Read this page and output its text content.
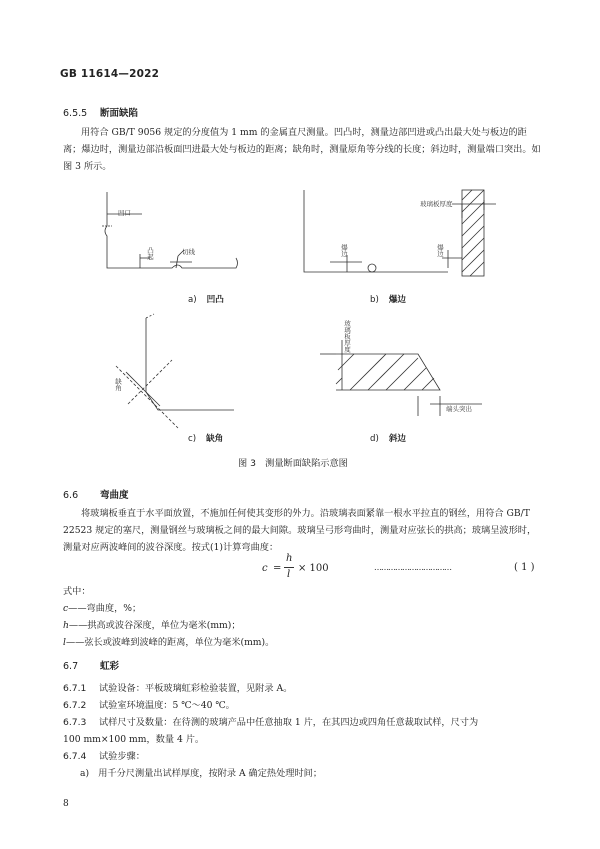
GB 11614—2022
6.5.5 断面缺陷
用符合 GB/T 9056 规定的分度值为 1 mm 的金属直尺测量。凹凸时，测量边部凹进或凸出最大处与板边的距离；爆边时，测量边部沿板面凹进最大处与板边的距离；缺角时，测量原角等分线的长度；斜边时，测量端口突出。如图 3 所示。
凹口
凸起	切线
玻璃板厚度
爆边	爆边
缺角
玻璃板厚度
端头突出
a) 凹凸	b) 爆边
c) 缺角	d) 斜边
图 3　测量断面缺陷示意图
6.6 弯曲度
将玻璃板垂直于水平面放置，不施加任何使其变形的外力。沿玻璃表面紧靠一根水平拉直的钢丝，用符合 GB/T 22523 规定的塞尺，测量钢丝与玻璃板之间的最大间隙。玻璃呈弓形弯曲时，测量对应弦长的拱高；玻璃呈波形时，测量对应两波峰间的波谷深度。按式(1)计算弯曲度：
c =
h
l
× 100	……………………………	( 1 )
式中：
c——弯曲度，%；
h——拱高或波谷深度，单位为毫米(mm)；
l——弦长或波峰到波峰的距离，单位为毫米(mm)。
6.7 虹彩
6.7.1 试验设备：平板玻璃虹彩检验装置，见附录 A。
6.7.2 试验室环境温度：5 ℃～40 ℃。
6.7.3 试样尺寸及数量：在待测的玻璃产品中任意抽取 1 片，在其四边或四角任意裁取试样，尺寸为
100 mm×100 mm，数量 4 片。
6.7.4 试验步骤：
a)　用千分尺测量出试样厚度，按附录 A 确定热处理时间；
8
